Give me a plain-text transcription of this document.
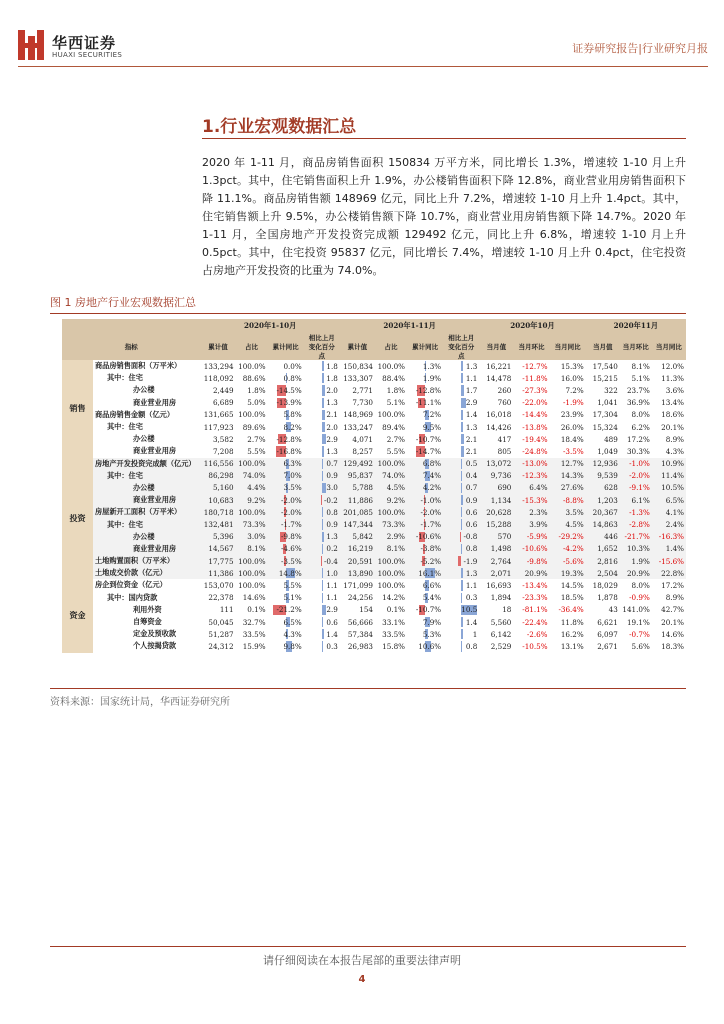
华西证券
HUAXI SECURITIES	证券研究报告|行业研究月报
1.行业宏观数据汇总
2020 年 1-11 月，商品房销售面积 150834 万平方米，同比增长 1.3%，增速较 1-10 月上升 1.3pct。其中，住宅销售面积上升 1.9%，办公楼销售面积下降 12.8%，商业营业用房销售面积下降 11.1%。商品房销售额 148969 亿元，同比上升 7.2%，增速较 1-10 月上升 1.4pct。其中，住宅销售额上升 9.5%，办公楼销售额下降 10.7%，商业营业用房销售额下降 14.7%。2020 年 1-11 月，全国房地产开发投资完成额 129492 亿元，同比上升 6.8%，增速较 1-10 月上升 0.5pct。其中，住宅投资 95837 亿元，同比增长 7.4%，增速较 1-10 月上升 0.4pct，住宅投资占房地产开发投资的比重为 74.0%。
图 1 房地产行业宏观数据汇总
		2020年1-10月				2020年1-11月				2020年10月			2020年11月		
指标		累计值	占比	累计同比	相比上月变化百分点	累计值	占比	累计同比	相比上月变化百分点	当月值	当月环比	当月同比	当月值	当月环比	当月同比
销售	商品房销售面积（万平米）	133,294	100.0%	0.0%	1.8	150,834	100.0%	1.3%	1.3	16,221	-12.7%	15.3%	17,540	8.1%	12.0%
	其中：住宅	118,092	88.6%	0.8%	1.8	133,307	88.4%	1.9%	1.1	14,478	-11.8%	16.0%	15,215	5.1%	11.3%
	办公楼	2,449	1.8%	-14.5%	2.0	2,771	1.8%	-12.8%	1.7	260	-27.3%	7.2%	322	23.7%	3.6%
	商业营业用房	6,689	5.0%	-13.9%	1.3	7,730	5.1%	-11.1%	2.9	760	-22.0%	-1.9%	1,041	36.9%	13.4%
	商品房销售金额（亿元）	131,665	100.0%	5.8%	2.1	148,969	100.0%	7.2%	1.4	16,018	-14.4%	23.9%	17,304	8.0%	18.6%
	其中：住宅	117,923	89.6%	8.2%	2.0	133,247	89.4%	9.5%	1.3	14,426	-13.8%	26.0%	15,324	6.2%	20.1%
	办公楼	3,582	2.7%	-12.8%	2.9	4,071	2.7%	-10.7%	2.1	417	-19.4%	18.4%	489	17.2%	8.9%
	商业营业用房	7,208	5.5%	-16.8%	1.3	8,257	5.5%	-14.7%	2.1	805	-24.8%	-3.5%	1,049	30.3%	4.3%
投资	房地产开发投资完成额（亿元）	116,556	100.0%	6.3%	0.7	129,492	100.0%	6.8%	0.5	13,072	-13.0%	12.7%	12,936	-1.0%	10.9%
	其中：住宅	86,298	74.0%	7.0%	0.9	95,837	74.0%	7.4%	0.4	9,736	-12.3%	14.3%	9,539	-2.0%	11.4%
	办公楼	5,160	4.4%	3.5%	3.0	5,788	4.5%	4.2%	0.7	690	6.4%	27.6%	628	-9.1%	10.5%
	商业营业用房	10,683	9.2%	-2.0%	-0.2	11,886	9.2%	-1.0%	0.9	1,134	-15.3%	-8.8%	1,203	6.1%	6.5%
	房屋新开工面积（万平米）	180,718	100.0%	-2.0%	0.8	201,085	100.0%	-2.0%	0.6	20,628	2.3%	3.5%	20,367	-1.3%	4.1%
	其中：住宅	132,481	73.3%	-1.7%	0.9	147,344	73.3%	-1.7%	0.6	15,288	3.9%	4.5%	14,863	-2.8%	2.4%
	办公楼	5,396	3.0%	-9.8%	1.3	5,842	2.9%	-10.6%	-0.8	570	-5.9%	-29.2%	446	-21.7%	-16.3%
	商业营业用房	14,567	8.1%	-4.6%	0.2	16,219	8.1%	-3.8%	0.8	1,498	-10.6%	-4.2%	1,652	10.3%	1.4%
	土地购置面积（万平米）	17,775	100.0%	-3.5%	-0.4	20,591	100.0%	-5.2%	-1.9	2,764	-9.8%	-5.6%	2,816	1.9%	-15.6%
	土地成交价款（亿元）	11,386	100.0%	14.8%	1.0	13,890	100.0%	16.1%	1.3	2,071	20.9%	19.3%	2,504	20.9%	22.8%
资金	房企到位资金（亿元）	153,070	100.0%	5.5%	1.1	171,099	100.0%	6.6%	1.1	16,693	-13.4%	14.5%	18,029	8.0%	17.2%
	其中：国内贷款	22,378	14.6%	5.1%	1.1	24,256	14.2%	5.4%	0.3	1,894	-23.3%	18.5%	1,878	-0.9%	8.9%
	利用外资	111	0.1%	-21.2%	2.9	154	0.1%	-10.7%	10.5	18	-81.1%	-36.4%	43	141.0%	42.7%
	自筹资金	50,045	32.7%	6.5%	0.6	56,666	33.1%	7.9%	1.4	5,560	-22.4%	11.8%	6,621	19.1%	20.1%
	定金及预收款	51,287	33.5%	4.3%	1.4	57,384	33.5%	5.3%	1	6,142	-2.6%	16.2%	6,097	-0.7%	14.6%
	个人按揭贷款	24,312	15.9%	9.8%	0.3	26,983	15.8%	10.6%	0.8	2,529	-10.5%	13.1%	2,671	5.6%	18.3%
资料来源：国家统计局，华西证券研究所
请仔细阅读在本报告尾部的重要法律声明
4
